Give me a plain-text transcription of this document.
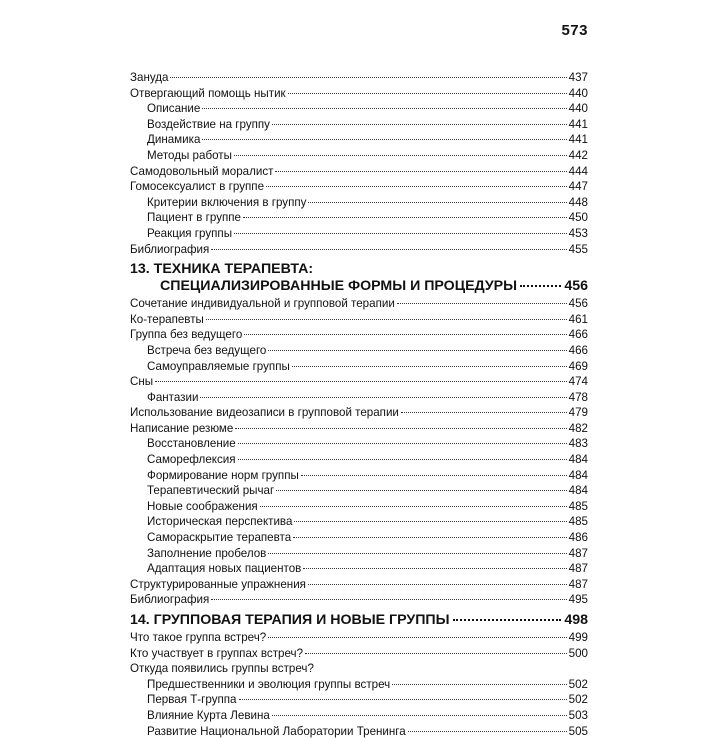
573
Зануда	437
Отвергающий помощь нытик	440
Описание	440
Воздействие на группу	441
Динамика	441
Методы работы	442
Самодовольный моралист	444
Гомосексуалист в группе	447
Критерии включения в группу	448
Пациент в группе	450
Реакция группы	453
Библиография	455
13. ТЕХНИКА ТЕРАПЕВТА:
СПЕЦИАЛИЗИРОВАННЫЕ ФОРМЫ И ПРОЦЕДУРЫ	456
Сочетание индивидуальной и групповой терапии	456
Ко-терапевты	461
Группа без ведущего	466
Встреча без ведущего	466
Самоуправляемые группы	469
Сны	474
Фантазии	478
Использование видеозаписи в групповой терапии	479
Написание резюме	482
Восстановление	483
Саморефлексия	484
Формирование норм группы	484
Терапевтический рычаг	484
Новые соображения	485
Историческая перспектива	485
Самораскрытие терапевта	486
Заполнение пробелов	487
Адаптация новых пациентов	487
Структурированные упражнения	487
Библиография	495
14. ГРУППОВАЯ ТЕРАПИЯ И НОВЫЕ ГРУППЫ	498
Что такое группа встреч?	499
Кто участвует в группах встреч?	500
Откуда появились группы встреч?
Предшественники и эволюция группы встреч	502
Первая Т-группа	502
Влияние Курта Левина	503
Развитие Национальной Лаборатории Тренинга	505
